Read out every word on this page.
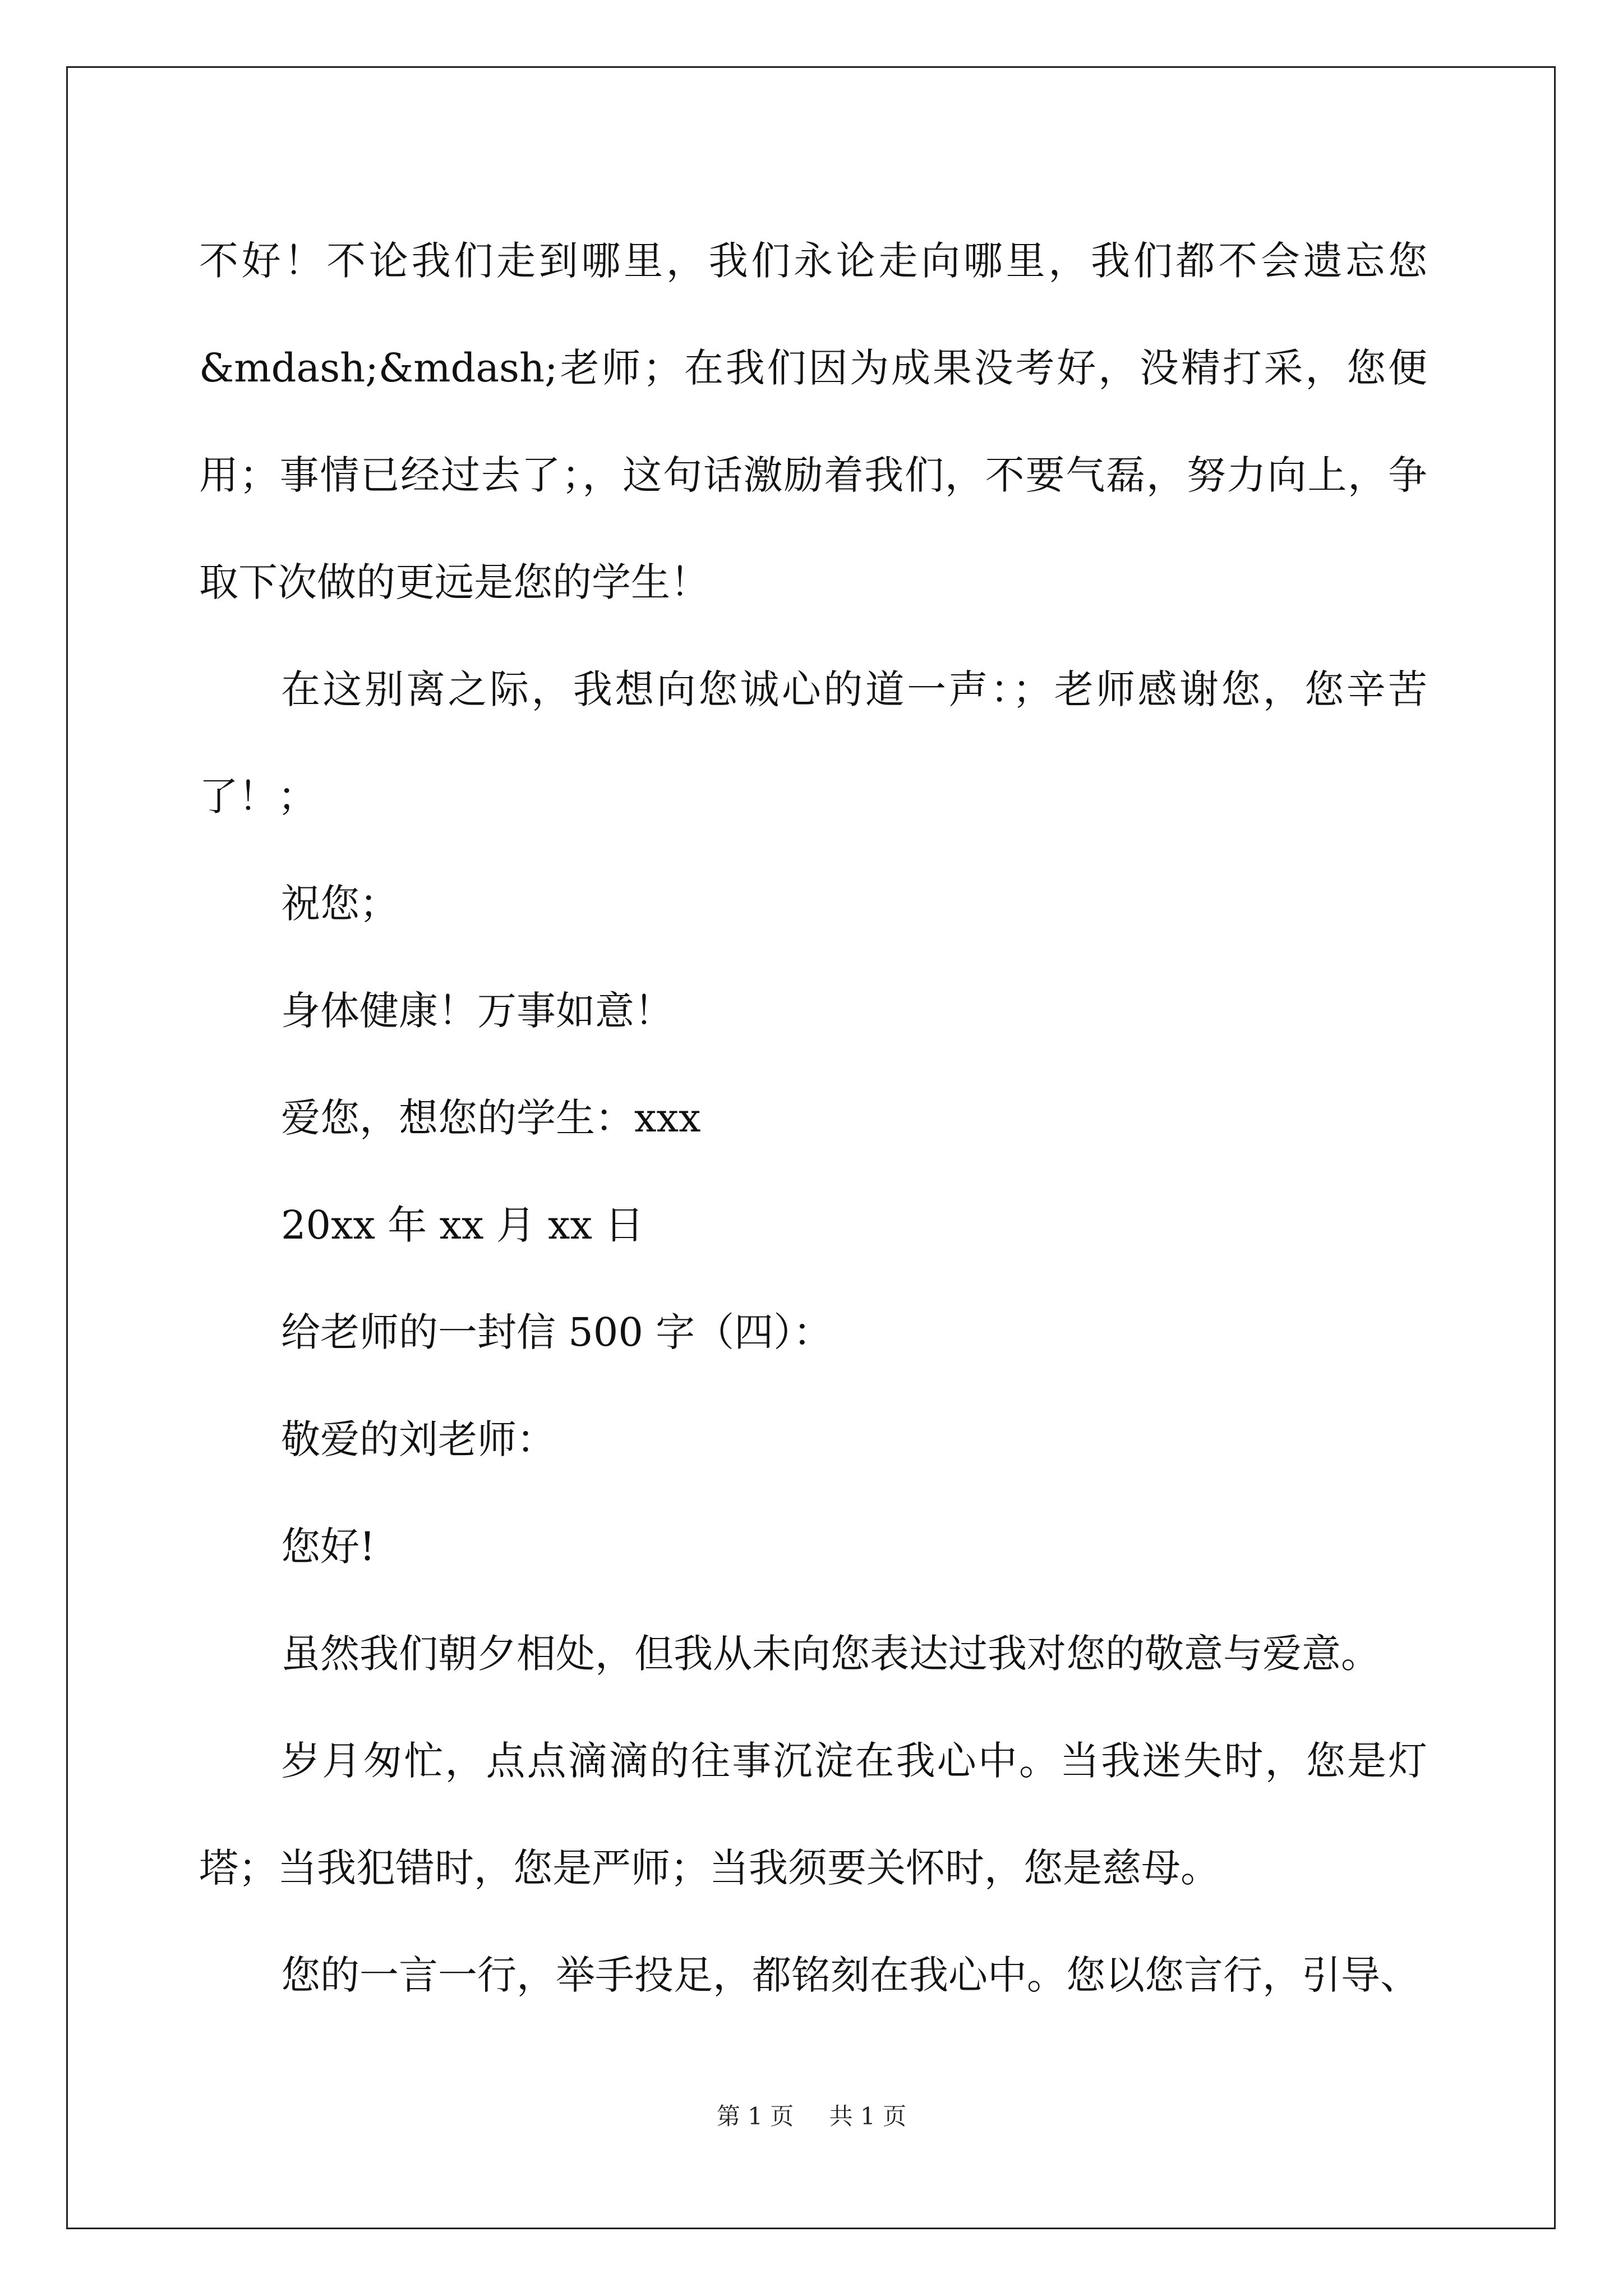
不好！不论我们走到哪里，我们永论走向哪里，我们都不会遗忘您&mdash;&mdash;老师；在我们因为成果没考好，没精打采，您便用；事情已经过去了；，这句话激励着我们，不要气磊，努力向上，争取下次做的更远是您的学生！

在这别离之际，我想向您诚心的道一声：；老师感谢您，您辛苦了！；

祝您；

身体健康！万事如意！

爱您，想您的学生：xxx

20xx 年 xx 月 xx 日

给老师的一封信 500 字（四）：

敬爱的刘老师：

您好!

虽然我们朝夕相处，但我从未向您表达过我对您的敬意与爱意。

岁月匆忙，点点滴滴的往事沉淀在我心中。当我迷失时，您是灯塔；当我犯错时，您是严师；当我须要关怀时，您是慈母。

您的一言一行，举手投足，都铭刻在我心中。您以您言行，引导、

第 1 页 共 1 页
